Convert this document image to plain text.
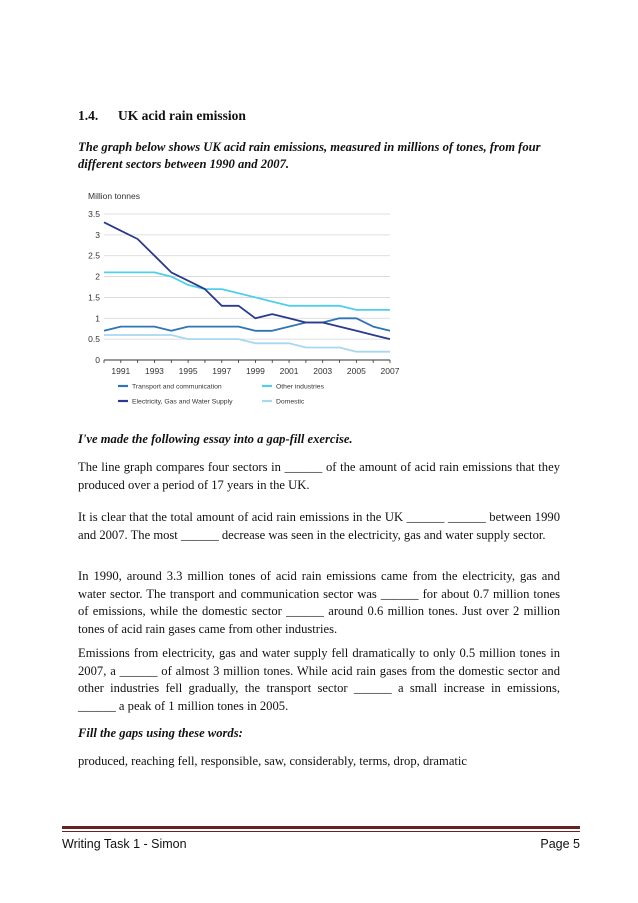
1.4. UK acid rain emission

The graph below shows UK acid rain emissions, measured in millions of tones, from four different sectors between 1990 and 2007.

Million tonnes
0
0.5
1
1.5
2
2.5
3
3.5
1991 1993 1995 1997 1999 2001 2003 2005 2007
Transport and communication	Other industries
Electricity, Gas and Water Supply	Domestic

I've made the following essay into a gap-fill exercise.

The line graph compares four sectors in ______ of the amount of acid rain emissions that they produced over a period of 17 years in the UK.

It is clear that the total amount of acid rain emissions in the UK ______ ______ between 1990 and 2007. The most ______ decrease was seen in the electricity, gas and water supply sector.

In 1990, around 3.3 million tones of acid rain emissions came from the electricity, gas and water sector. The transport and communication sector was ______ for about 0.7 million tones of emissions, while the domestic sector ______ around 0.6 million tones. Just over 2 million tones of acid rain gases came from other industries.

Emissions from electricity, gas and water supply fell dramatically to only 0.5 million tones in 2007, a ______ of almost 3 million tones. While acid rain gases from the domestic sector and other industries fell gradually, the transport sector ______ a small increase in emissions, ______ a peak of 1 million tones in 2005.

Fill the gaps using these words:

produced, reaching fell, responsible, saw, considerably, terms, drop, dramatic

Writing Task 1 - Simon	Page 5
